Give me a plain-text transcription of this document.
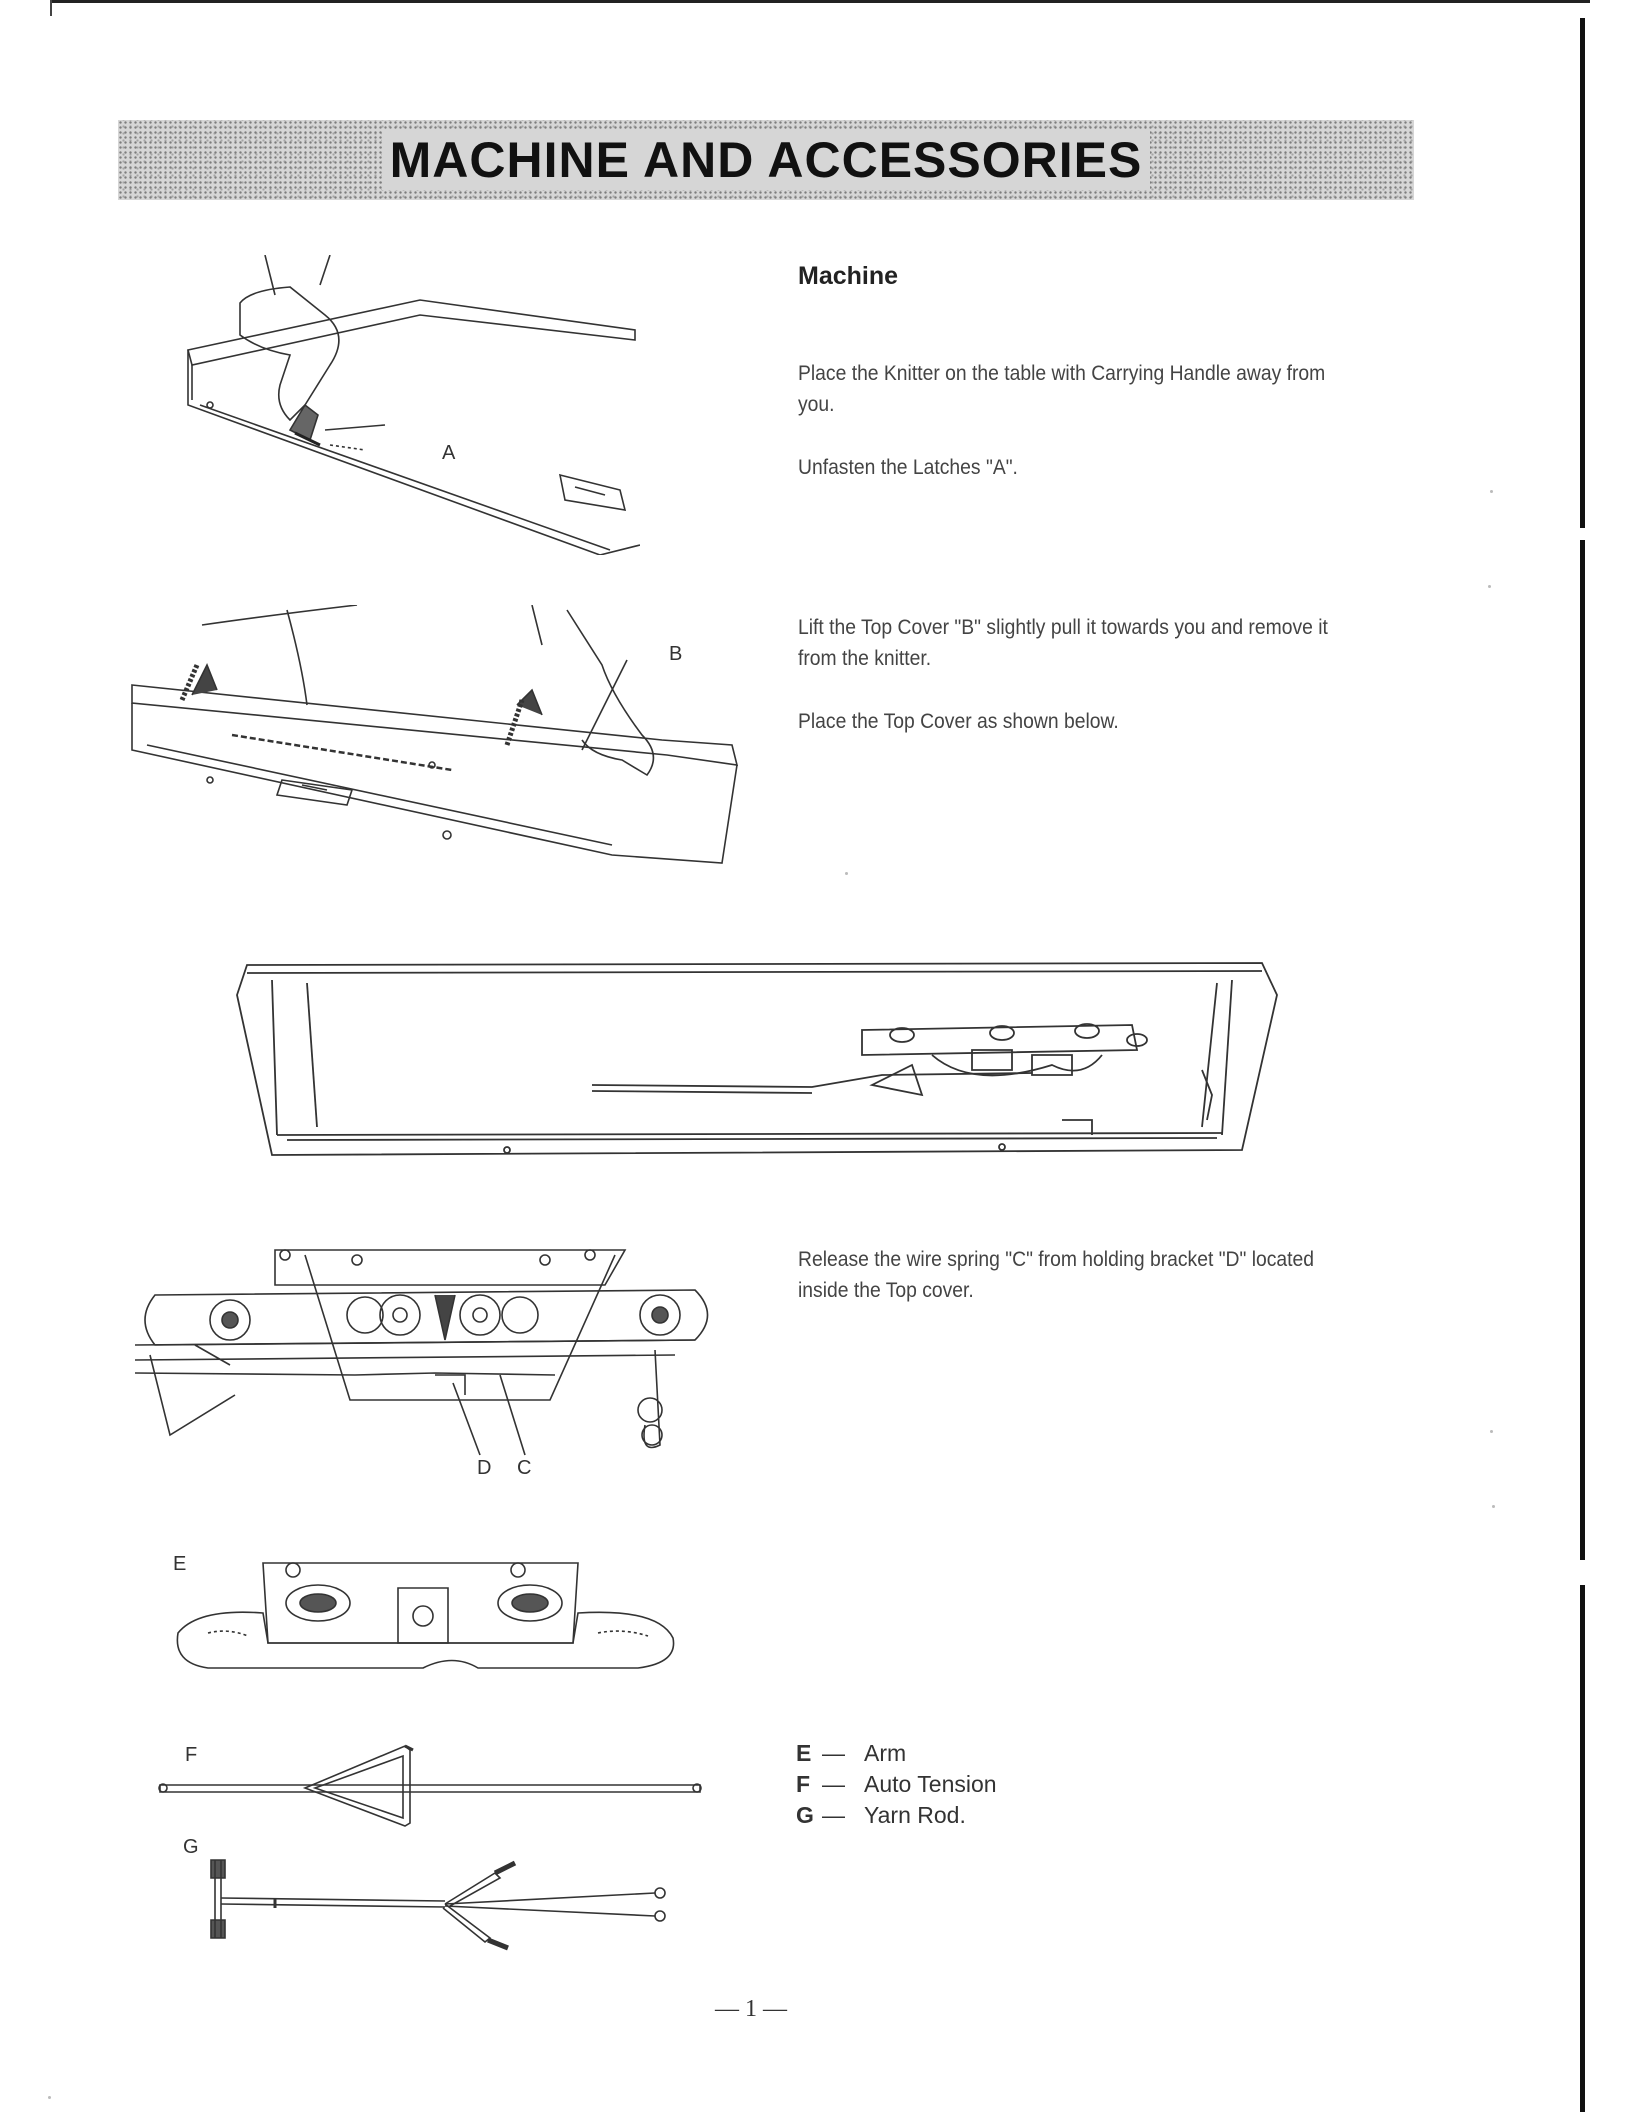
MACHINE AND ACCESSORIES
Machine

Place the Knitter on the table with Carrying Handle away from you.

Unfasten the Latches "A".

Lift the Top Cover "B" slightly pull it towards you and remove it from the knitter.

Place the Top Cover as shown below.

Release the wire spring "C" from holding bracket "D" located inside the Top cover.

A
B
D C
E
F
G
E — Arm
F — Auto Tension
G — Yarn Rod.
— 1 —
